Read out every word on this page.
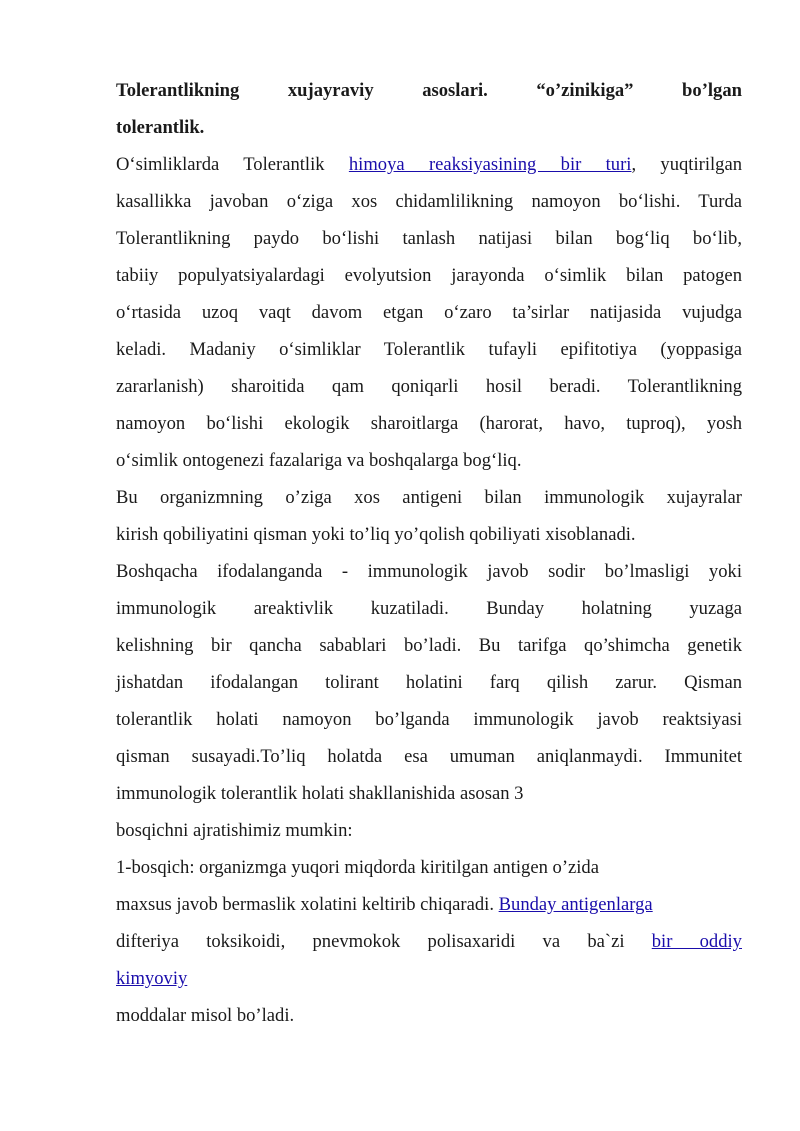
Tolerantlikning xujayraviy asoslari. “o’zinikiga” bo’lgan
tolerantlik.
O‘simliklarda Tolerantlik himoya reaksiyasining bir turi, yuqtirilgan
kasallikka javoban o‘ziga xos chidamlilikning namoyon bo‘lishi. Turda
Tolerantlikning paydo bo‘lishi tanlash natijasi bilan bog‘liq bo‘lib,
tabiiy populyatsiyalardagi evolyutsion jarayonda o‘simlik bilan patogen
o‘rtasida uzoq vaqt davom etgan o‘zaro ta’sirlar natijasida vujudga
keladi. Madaniy o‘simliklar Tolerantlik tufayli epifitotiya (yoppasiga
zararlanish) sharoitida qam qoniqarli hosil beradi. Tolerantlikning
namoyon bo‘lishi ekologik sharoitlarga (harorat, havo, tuproq), yosh
o‘simlik ontogenezi fazalariga va boshqalarga bog‘liq.
Bu organizmning o’ziga xos antigeni bilan immunologik xujayralar
kirish qobiliyatini qisman yoki to’liq yo’qolish qobiliyati xisoblanadi.
Boshqacha ifodalanganda - immunologik javob sodir bo’lmasligi yoki
immunologik areaktivlik kuzatiladi. Bunday holatning yuzaga
kelishning bir qancha sabablari bo’ladi. Bu tarifga qo’shimcha genetik
jishatdan ifodalangan tolirant holatini farq qilish zarur. Qisman
tolerantlik holati namoyon bo’lganda immunologik javob reaktsiyasi
qisman susayadi.To’liq holatda esa umuman aniqlanmaydi. Immunitet
immunologik tolerantlik holati shakllanishida asosan 3
bosqichni ajratishimiz mumkin:
1-bosqich: organizmga yuqori miqdorda kiritilgan antigen o’zida
maxsus javob bermaslik xolatini keltirib chiqaradi. Bunday antigenlarga
difteriya toksikoidi, pnevmokok polisaxaridi va ba`zi bir oddiy
kimyoviy
moddalar misol bo’ladi.
